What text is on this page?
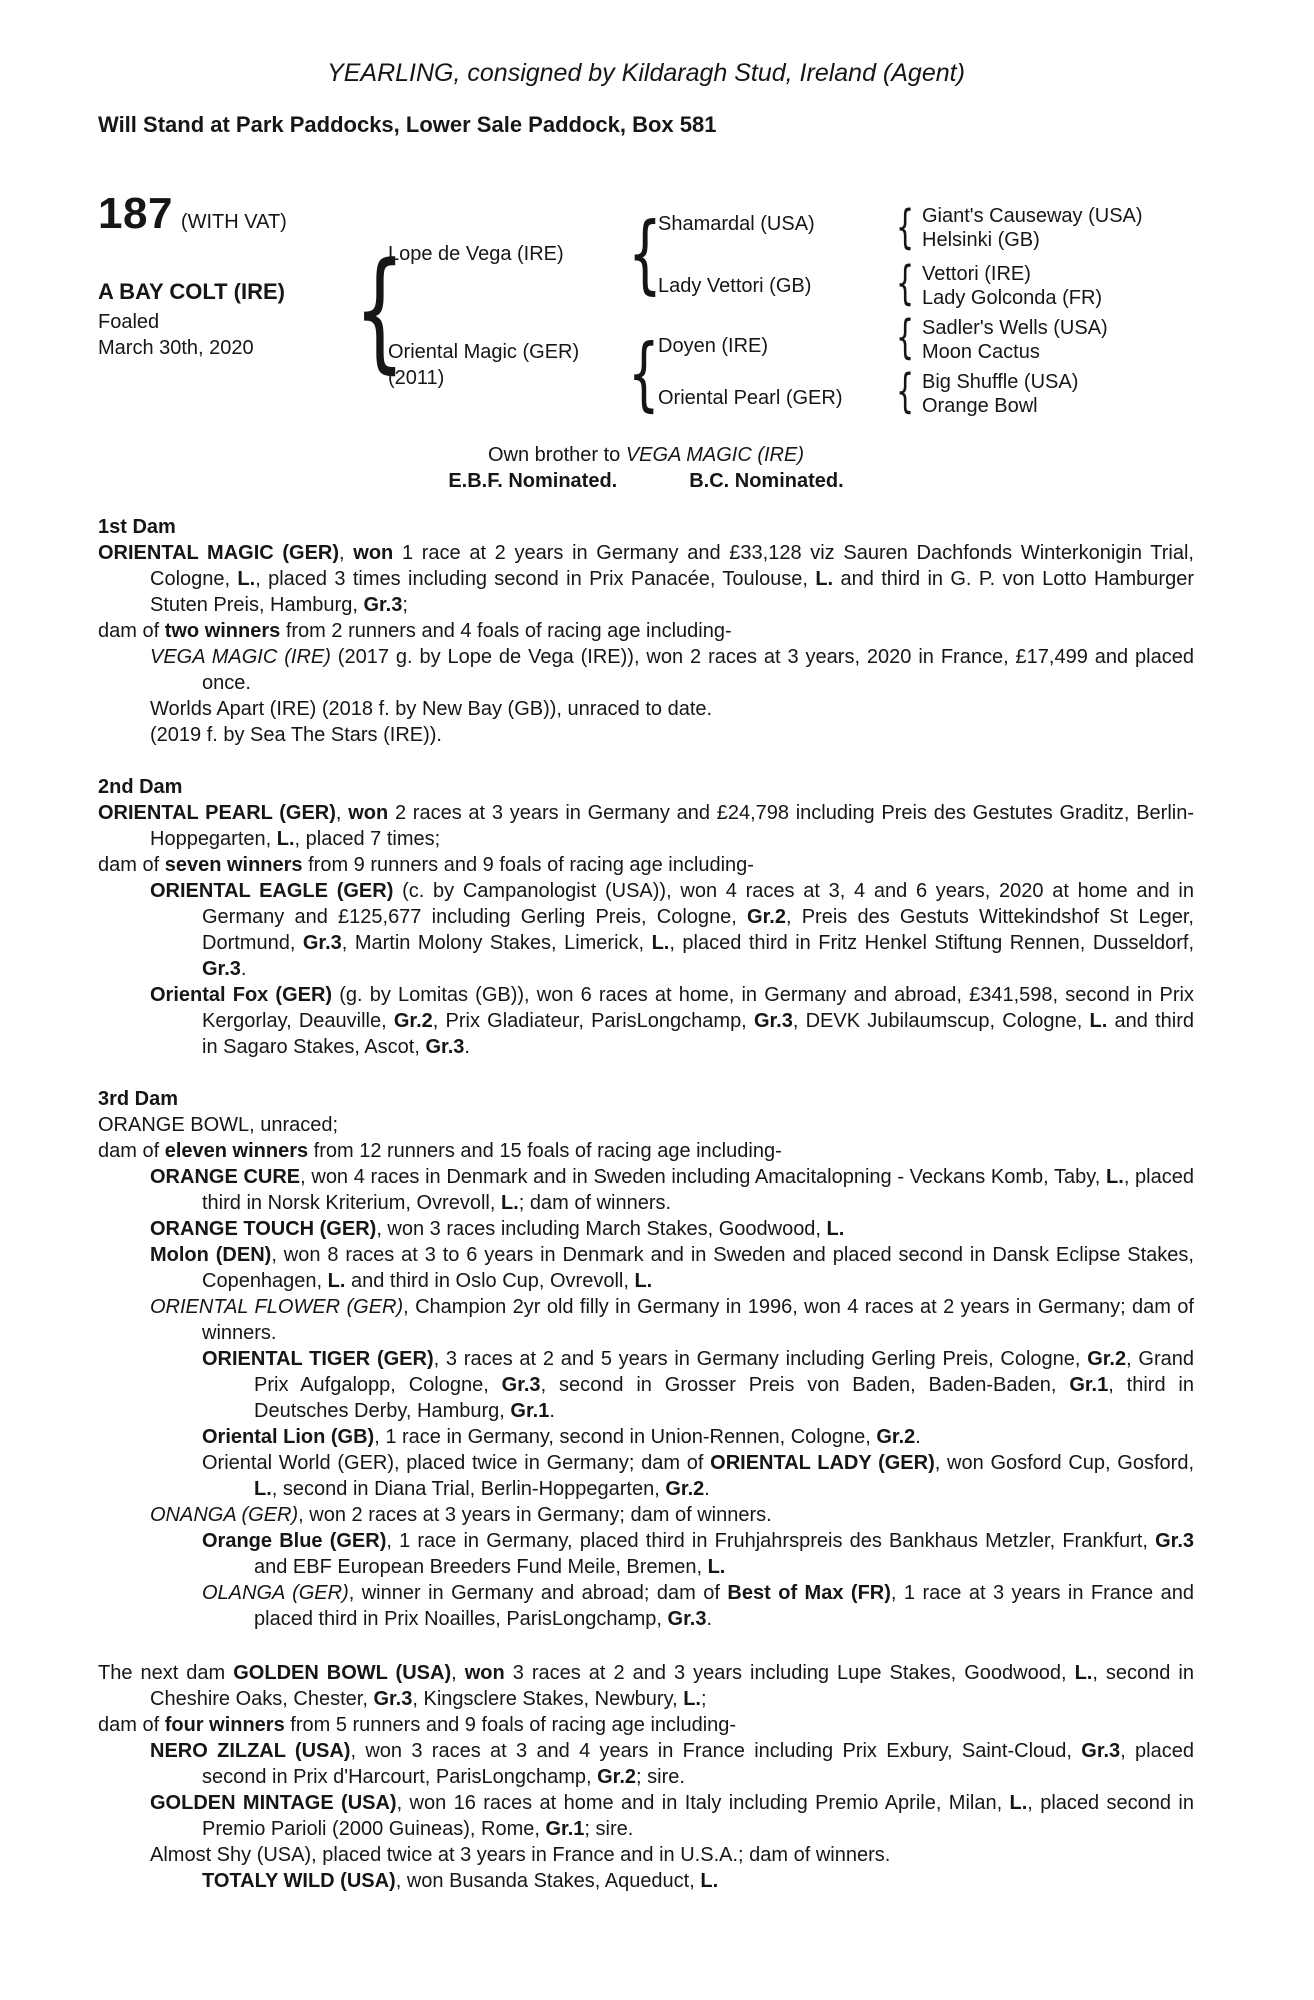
YEARLING, consigned by Kildaragh Stud, Ireland (Agent)
Will Stand at Park Paddocks, Lower Sale Paddock, Box 581
187 (WITH VAT)
A BAY COLT (IRE)
Foaled
March 30th, 2020
{
{
{
{
{
{
{
Lope de Vega (IRE)
Oriental Magic (GER)
(2011)
Shamardal (USA)
Lady Vettori (GB)
Doyen (IRE)
Oriental Pearl (GER)
Giant's Causeway (USA)
Helsinki (GB)
Vettori (IRE)
Lady Golconda (FR)
Sadler's Wells (USA)
Moon Cactus
Big Shuffle (USA)
Orange Bowl
Own brother to VEGA MAGIC (IRE)
E.B.F. Nominated.	B.C. Nominated.
1st Dam
ORIENTAL MAGIC (GER), won 1 race at 2 years in Germany and £33,128 viz Sauren Dachfonds Winterkonigin Trial, Cologne, L., placed 3 times including second in Prix Panacée, Toulouse, L. and third in G. P. von Lotto Hamburger Stuten Preis, Hamburg, Gr.3;
dam of two winners from 2 runners and 4 foals of racing age including-
VEGA MAGIC (IRE) (2017 g. by Lope de Vega (IRE)), won 2 races at 3 years, 2020 in France, £17,499 and placed once.
Worlds Apart (IRE) (2018 f. by New Bay (GB)), unraced to date.
(2019 f. by Sea The Stars (IRE)).
2nd Dam
ORIENTAL PEARL (GER), won 2 races at 3 years in Germany and £24,798 including Preis des Gestutes Graditz, Berlin-Hoppegarten, L., placed 7 times;
dam of seven winners from 9 runners and 9 foals of racing age including-
ORIENTAL EAGLE (GER) (c. by Campanologist (USA)), won 4 races at 3, 4 and 6 years, 2020 at home and in Germany and £125,677 including Gerling Preis, Cologne, Gr.2, Preis des Gestuts Wittekindshof St Leger, Dortmund, Gr.3, Martin Molony Stakes, Limerick, L., placed third in Fritz Henkel Stiftung Rennen, Dusseldorf, Gr.3.
Oriental Fox (GER) (g. by Lomitas (GB)), won 6 races at home, in Germany and abroad, £341,598, second in Prix Kergorlay, Deauville, Gr.2, Prix Gladiateur, ParisLongchamp, Gr.3, DEVK Jubilaumscup, Cologne, L. and third in Sagaro Stakes, Ascot, Gr.3.
3rd Dam
ORANGE BOWL, unraced;
dam of eleven winners from 12 runners and 15 foals of racing age including-
ORANGE CURE, won 4 races in Denmark and in Sweden including Amacitalopning - Veckans Komb, Taby, L., placed third in Norsk Kriterium, Ovrevoll, L.; dam of winners.
ORANGE TOUCH (GER), won 3 races including March Stakes, Goodwood, L.
Molon (DEN), won 8 races at 3 to 6 years in Denmark and in Sweden and placed second in Dansk Eclipse Stakes, Copenhagen, L. and third in Oslo Cup, Ovrevoll, L.
ORIENTAL FLOWER (GER), Champion 2yr old filly in Germany in 1996, won 4 races at 2 years in Germany; dam of winners.
ORIENTAL TIGER (GER), 3 races at 2 and 5 years in Germany including Gerling Preis, Cologne, Gr.2, Grand Prix Aufgalopp, Cologne, Gr.3, second in Grosser Preis von Baden, Baden-Baden, Gr.1, third in Deutsches Derby, Hamburg, Gr.1.
Oriental Lion (GB), 1 race in Germany, second in Union-Rennen, Cologne, Gr.2.
Oriental World (GER), placed twice in Germany; dam of ORIENTAL LADY (GER), won Gosford Cup, Gosford, L., second in Diana Trial, Berlin-Hoppegarten, Gr.2.
ONANGA (GER), won 2 races at 3 years in Germany; dam of winners.
Orange Blue (GER), 1 race in Germany, placed third in Fruhjahrspreis des Bankhaus Metzler, Frankfurt, Gr.3 and EBF European Breeders Fund Meile, Bremen, L.
OLANGA (GER), winner in Germany and abroad; dam of Best of Max (FR), 1 race at 3 years in France and placed third in Prix Noailles, ParisLongchamp, Gr.3.
The next dam GOLDEN BOWL (USA), won 3 races at 2 and 3 years including Lupe Stakes, Goodwood, L., second in Cheshire Oaks, Chester, Gr.3, Kingsclere Stakes, Newbury, L.;
dam of four winners from 5 runners and 9 foals of racing age including-
NERO ZILZAL (USA), won 3 races at 3 and 4 years in France including Prix Exbury, Saint-Cloud, Gr.3, placed second in Prix d'Harcourt, ParisLongchamp, Gr.2; sire.
GOLDEN MINTAGE (USA), won 16 races at home and in Italy including Premio Aprile, Milan, L., placed second in Premio Parioli (2000 Guineas), Rome, Gr.1; sire.
Almost Shy (USA), placed twice at 3 years in France and in U.S.A.; dam of winners.
TOTALY WILD (USA), won Busanda Stakes, Aqueduct, L.
